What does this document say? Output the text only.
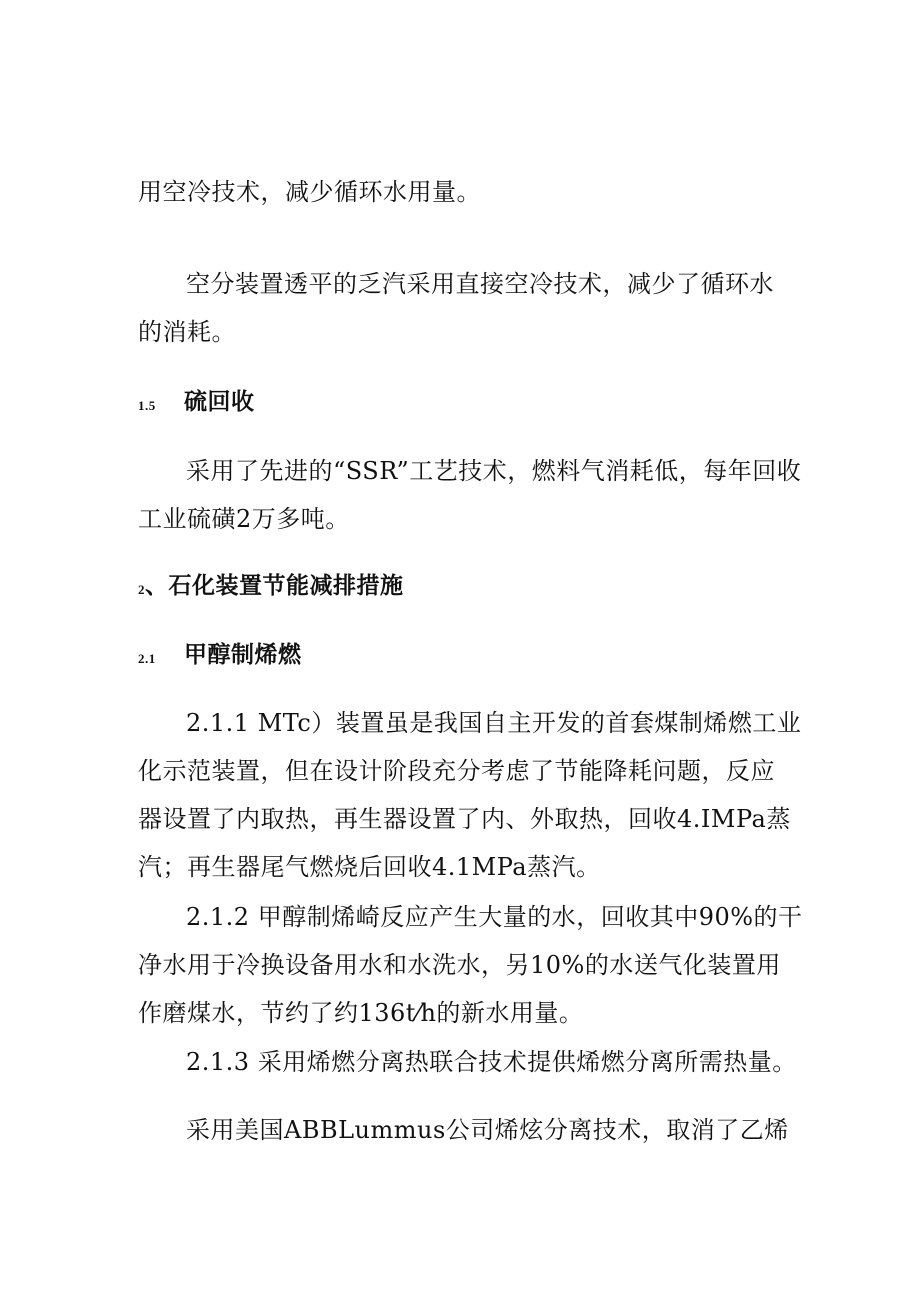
用空冷技术，减少循环水用量。
空分装置透平的乏汽采用直接空冷技术，减少了循环水
的消耗。
1.5 硫回收
采用了先进的“SSR”工艺技术，燃料气消耗低，每年回收
工业硫磺2万多吨。
2、石化装置节能减排措施
2.1 甲醇制烯燃
2.1.1 MTc）装置虽是我国自主开发的首套煤制烯燃工业
化示范装置，但在设计阶段充分考虑了节能降耗问题，反应
器设置了内取热，再生器设置了内、外取热，回收4.IMPa蒸
汽；再生器尾气燃烧后回收4.1MPa蒸汽。
2.1.2 甲醇制烯崎反应产生大量的水，回收其中90%的干
净水用于冷换设备用水和水洗水，另10%的水送气化装置用
作磨煤水，节约了约136t⁄h的新水用量。
2.1.3 采用烯燃分离热联合技术提供烯燃分离所需热量。
采用美国ABBLummus公司烯炫分离技术，取消了乙烯
